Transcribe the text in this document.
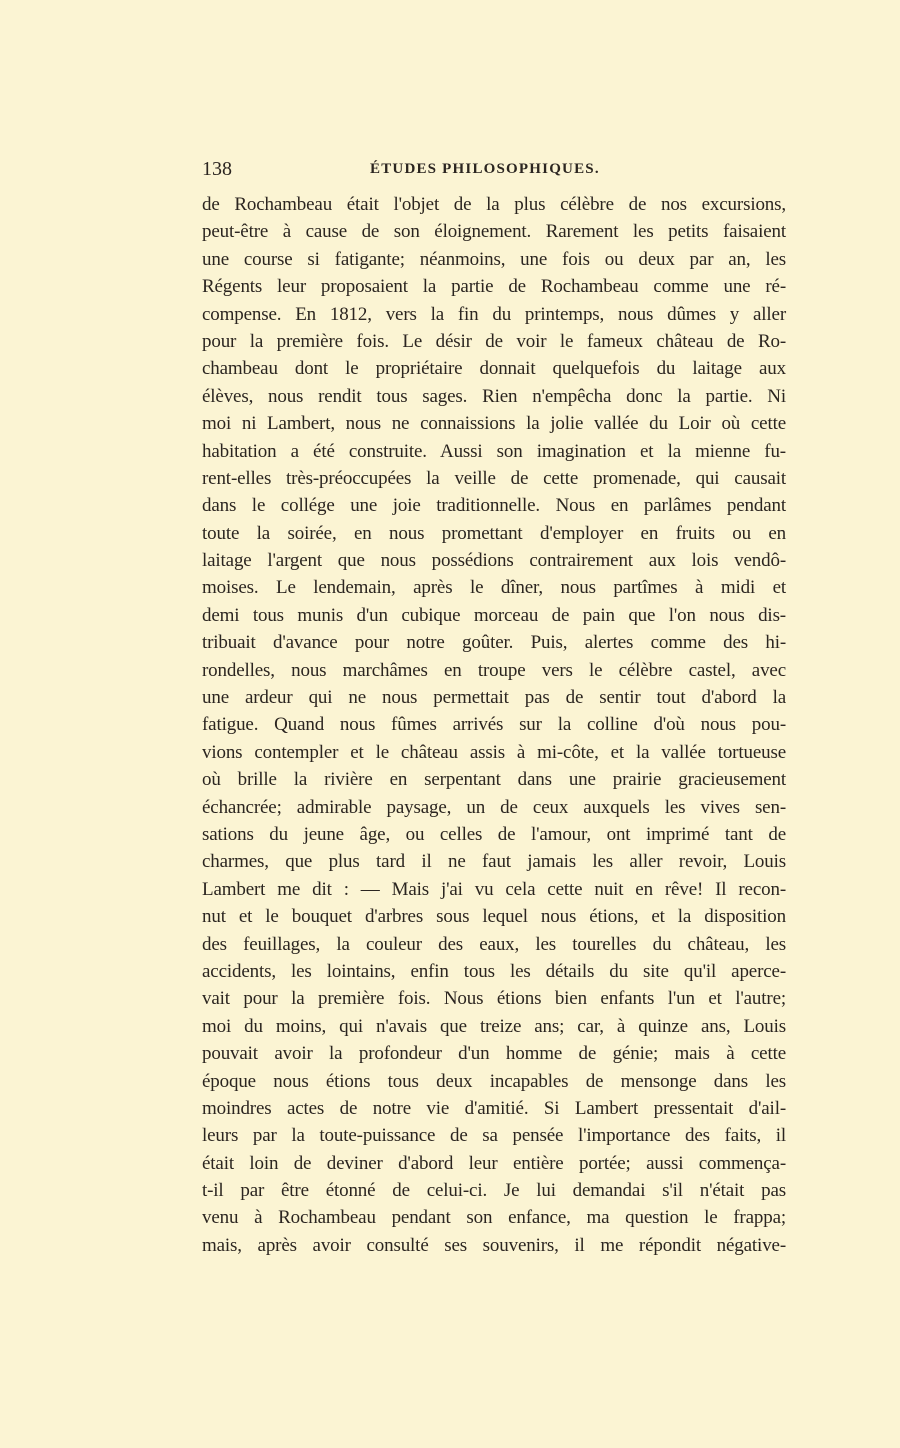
138	ÉTUDES PHILOSOPHIQUES.
de Rochambeau était l'objet de la plus célèbre de nos excursions,
peut-être à cause de son éloignement. Rarement les petits faisaient
une course si fatigante; néanmoins, une fois ou deux par an, les
Régents leur proposaient la partie de Rochambeau comme une ré-
compense. En 1812, vers la fin du printemps, nous dûmes y aller
pour la première fois. Le désir de voir le fameux château de Ro-
chambeau dont le propriétaire donnait quelquefois du laitage aux
élèves, nous rendit tous sages. Rien n'empêcha donc la partie. Ni
moi ni Lambert, nous ne connaissions la jolie vallée du Loir où cette
habitation a été construite. Aussi son imagination et la mienne fu-
rent-elles très-préoccupées la veille de cette promenade, qui causait
dans le collége une joie traditionnelle. Nous en parlâmes pendant
toute la soirée, en nous promettant d'employer en fruits ou en
laitage l'argent que nous possédions contrairement aux lois vendô-
moises. Le lendemain, après le dîner, nous partîmes à midi et
demi tous munis d'un cubique morceau de pain que l'on nous dis-
tribuait d'avance pour notre goûter. Puis, alertes comme des hi-
rondelles, nous marchâmes en troupe vers le célèbre castel, avec
une ardeur qui ne nous permettait pas de sentir tout d'abord la
fatigue. Quand nous fûmes arrivés sur la colline d'où nous pou-
vions contempler et le château assis à mi-côte, et la vallée tortueuse
où brille la rivière en serpentant dans une prairie gracieusement
échancrée; admirable paysage, un de ceux auxquels les vives sen-
sations du jeune âge, ou celles de l'amour, ont imprimé tant de
charmes, que plus tard il ne faut jamais les aller revoir, Louis
Lambert me dit : — Mais j'ai vu cela cette nuit en rêve! Il recon-
nut et le bouquet d'arbres sous lequel nous étions, et la disposition
des feuillages, la couleur des eaux, les tourelles du château, les
accidents, les lointains, enfin tous les détails du site qu'il aperce-
vait pour la première fois. Nous étions bien enfants l'un et l'autre;
moi du moins, qui n'avais que treize ans; car, à quinze ans, Louis
pouvait avoir la profondeur d'un homme de génie; mais à cette
époque nous étions tous deux incapables de mensonge dans les
moindres actes de notre vie d'amitié. Si Lambert pressentait d'ail-
leurs par la toute-puissance de sa pensée l'importance des faits, il
était loin de deviner d'abord leur entière portée; aussi commença-
t-il par être étonné de celui-ci. Je lui demandai s'il n'était pas
venu à Rochambeau pendant son enfance, ma question le frappa;
mais, après avoir consulté ses souvenirs, il me répondit négative-
